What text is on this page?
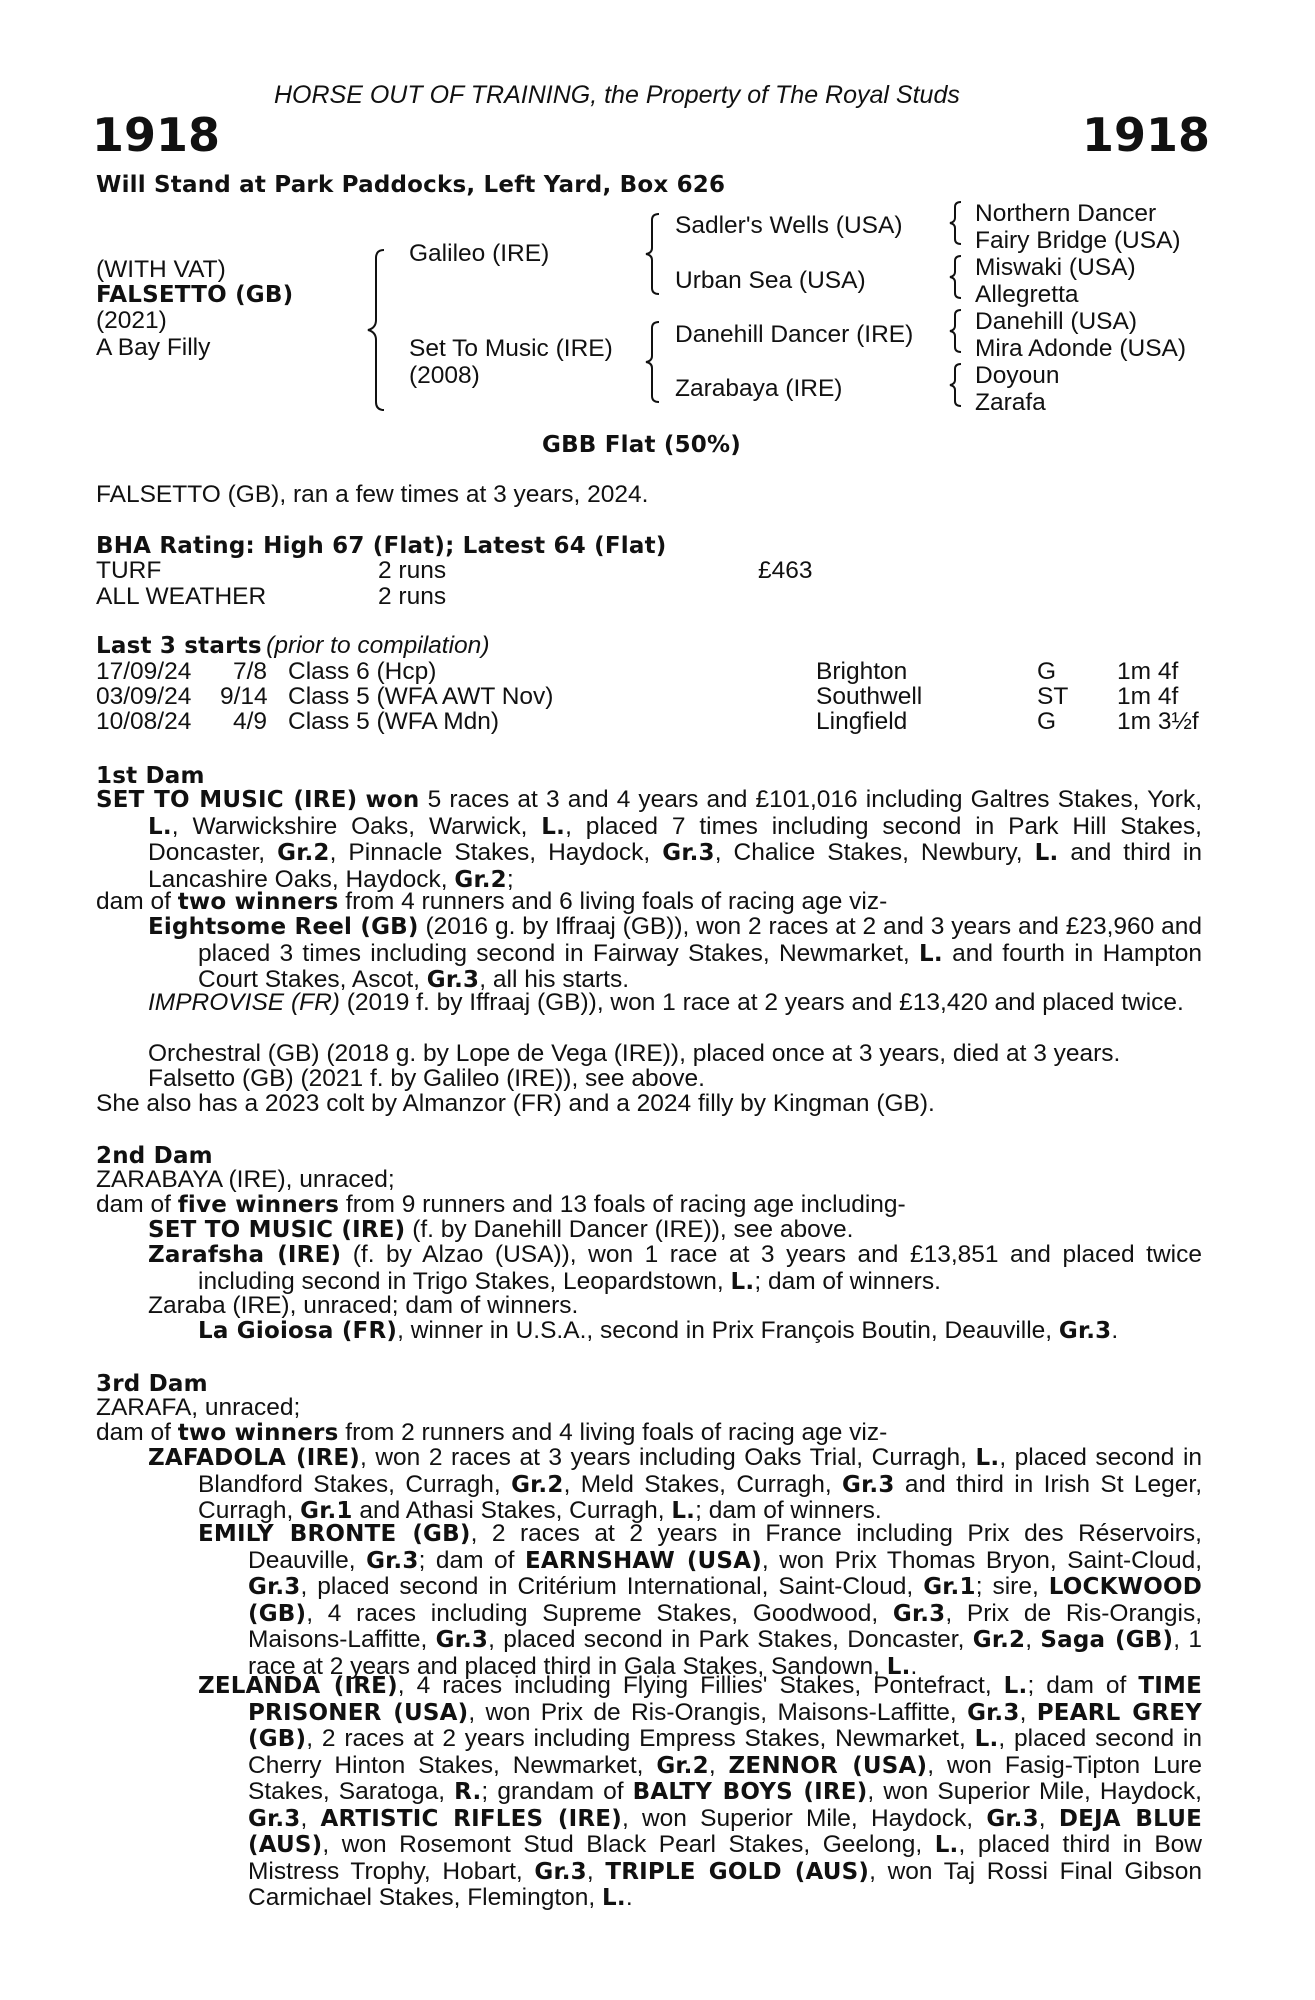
HORSE OUT OF TRAINING, the Property of The Royal Studs
1918	1918
Will Stand at Park Paddocks, Left Yard, Box 626
(WITH VAT)
FALSETTO (GB)
(2021)
A Bay Filly
Galileo (IRE)
Set To Music (IRE)
(2008)
Sadler's Wells (USA)
Urban Sea (USA)
Danehill Dancer (IRE)
Zarabaya (IRE)
Northern Dancer
Fairy Bridge (USA)
Miswaki (USA)
Allegretta
Danehill (USA)
Mira Adonde (USA)
Doyoun
Zarafa
GBB Flat (50%)
FALSETTO (GB), ran a few times at 3 years, 2024.
BHA Rating: High 67 (Flat); Latest 64 (Flat)
TURF	2 runs	£463
ALL WEATHER	2 runs
Last 3 starts (prior to compilation)
17/09/24 7/8 Class 6 (Hcp)	Brighton	G 1m 4f
03/09/24 9/14 Class 5 (WFA AWT Nov)	Southwell	ST 1m 4f
10/08/24 4/9 Class 5 (WFA Mdn)	Lingfield	G 1m 3½f
1st Dam
SET TO MUSIC (IRE) won 5 races at 3 and 4 years and £101,016 including Galtres Stakes, York, L., Warwickshire Oaks, Warwick, L., placed 7 times including second in Park Hill Stakes, Doncaster, Gr.2, Pinnacle Stakes, Haydock, Gr.3, Chalice Stakes, Newbury, L. and third in Lancashire Oaks, Haydock, Gr.2;
dam of two winners from 4 runners and 6 living foals of racing age viz-
Eightsome Reel (GB) (2016 g. by Iffraaj (GB)), won 2 races at 2 and 3 years and £23,960 and placed 3 times including second in Fairway Stakes, Newmarket, L. and fourth in Hampton Court Stakes, Ascot, Gr.3, all his starts.
IMPROVISE (FR) (2019 f. by Iffraaj (GB)), won 1 race at 2 years and £13,420 and placed twice.
Orchestral (GB) (2018 g. by Lope de Vega (IRE)), placed once at 3 years, died at 3 years.
Falsetto (GB) (2021 f. by Galileo (IRE)), see above.
She also has a 2023 colt by Almanzor (FR) and a 2024 filly by Kingman (GB).
2nd Dam
ZARABAYA (IRE), unraced;
dam of five winners from 9 runners and 13 foals of racing age including-
SET TO MUSIC (IRE) (f. by Danehill Dancer (IRE)), see above.
Zarafsha (IRE) (f. by Alzao (USA)), won 1 race at 3 years and £13,851 and placed twice including second in Trigo Stakes, Leopardstown, L.; dam of winners.
Zaraba (IRE), unraced; dam of winners.
La Gioiosa (FR), winner in U.S.A., second in Prix François Boutin, Deauville, Gr.3.
3rd Dam
ZARAFA, unraced;
dam of two winners from 2 runners and 4 living foals of racing age viz-
ZAFADOLA (IRE), won 2 races at 3 years including Oaks Trial, Curragh, L., placed second in Blandford Stakes, Curragh, Gr.2, Meld Stakes, Curragh, Gr.3 and third in Irish St Leger, Curragh, Gr.1 and Athasi Stakes, Curragh, L.; dam of winners.
EMILY BRONTE (GB), 2 races at 2 years in France including Prix des Réservoirs, Deauville, Gr.3; dam of EARNSHAW (USA), won Prix Thomas Bryon, Saint-Cloud, Gr.3, placed second in Critérium International, Saint-Cloud, Gr.1; sire, LOCKWOOD (GB), 4 races including Supreme Stakes, Goodwood, Gr.3, Prix de Ris-Orangis, Maisons-Laffitte, Gr.3, placed second in Park Stakes, Doncaster, Gr.2, Saga (GB), 1 race at 2 years and placed third in Gala Stakes, Sandown, L..
ZELANDA (IRE), 4 races including Flying Fillies' Stakes, Pontefract, L.; dam of TIME PRISONER (USA), won Prix de Ris-Orangis, Maisons-Laffitte, Gr.3, PEARL GREY (GB), 2 races at 2 years including Empress Stakes, Newmarket, L., placed second in Cherry Hinton Stakes, Newmarket, Gr.2, ZENNOR (USA), won Fasig-Tipton Lure Stakes, Saratoga, R.; grandam of BALTY BOYS (IRE), won Superior Mile, Haydock, Gr.3, ARTISTIC RIFLES (IRE), won Superior Mile, Haydock, Gr.3, DEJA BLUE (AUS), won Rosemont Stud Black Pearl Stakes, Geelong, L., placed third in Bow Mistress Trophy, Hobart, Gr.3, TRIPLE GOLD (AUS), won Taj Rossi Final Gibson Carmichael Stakes, Flemington, L..
